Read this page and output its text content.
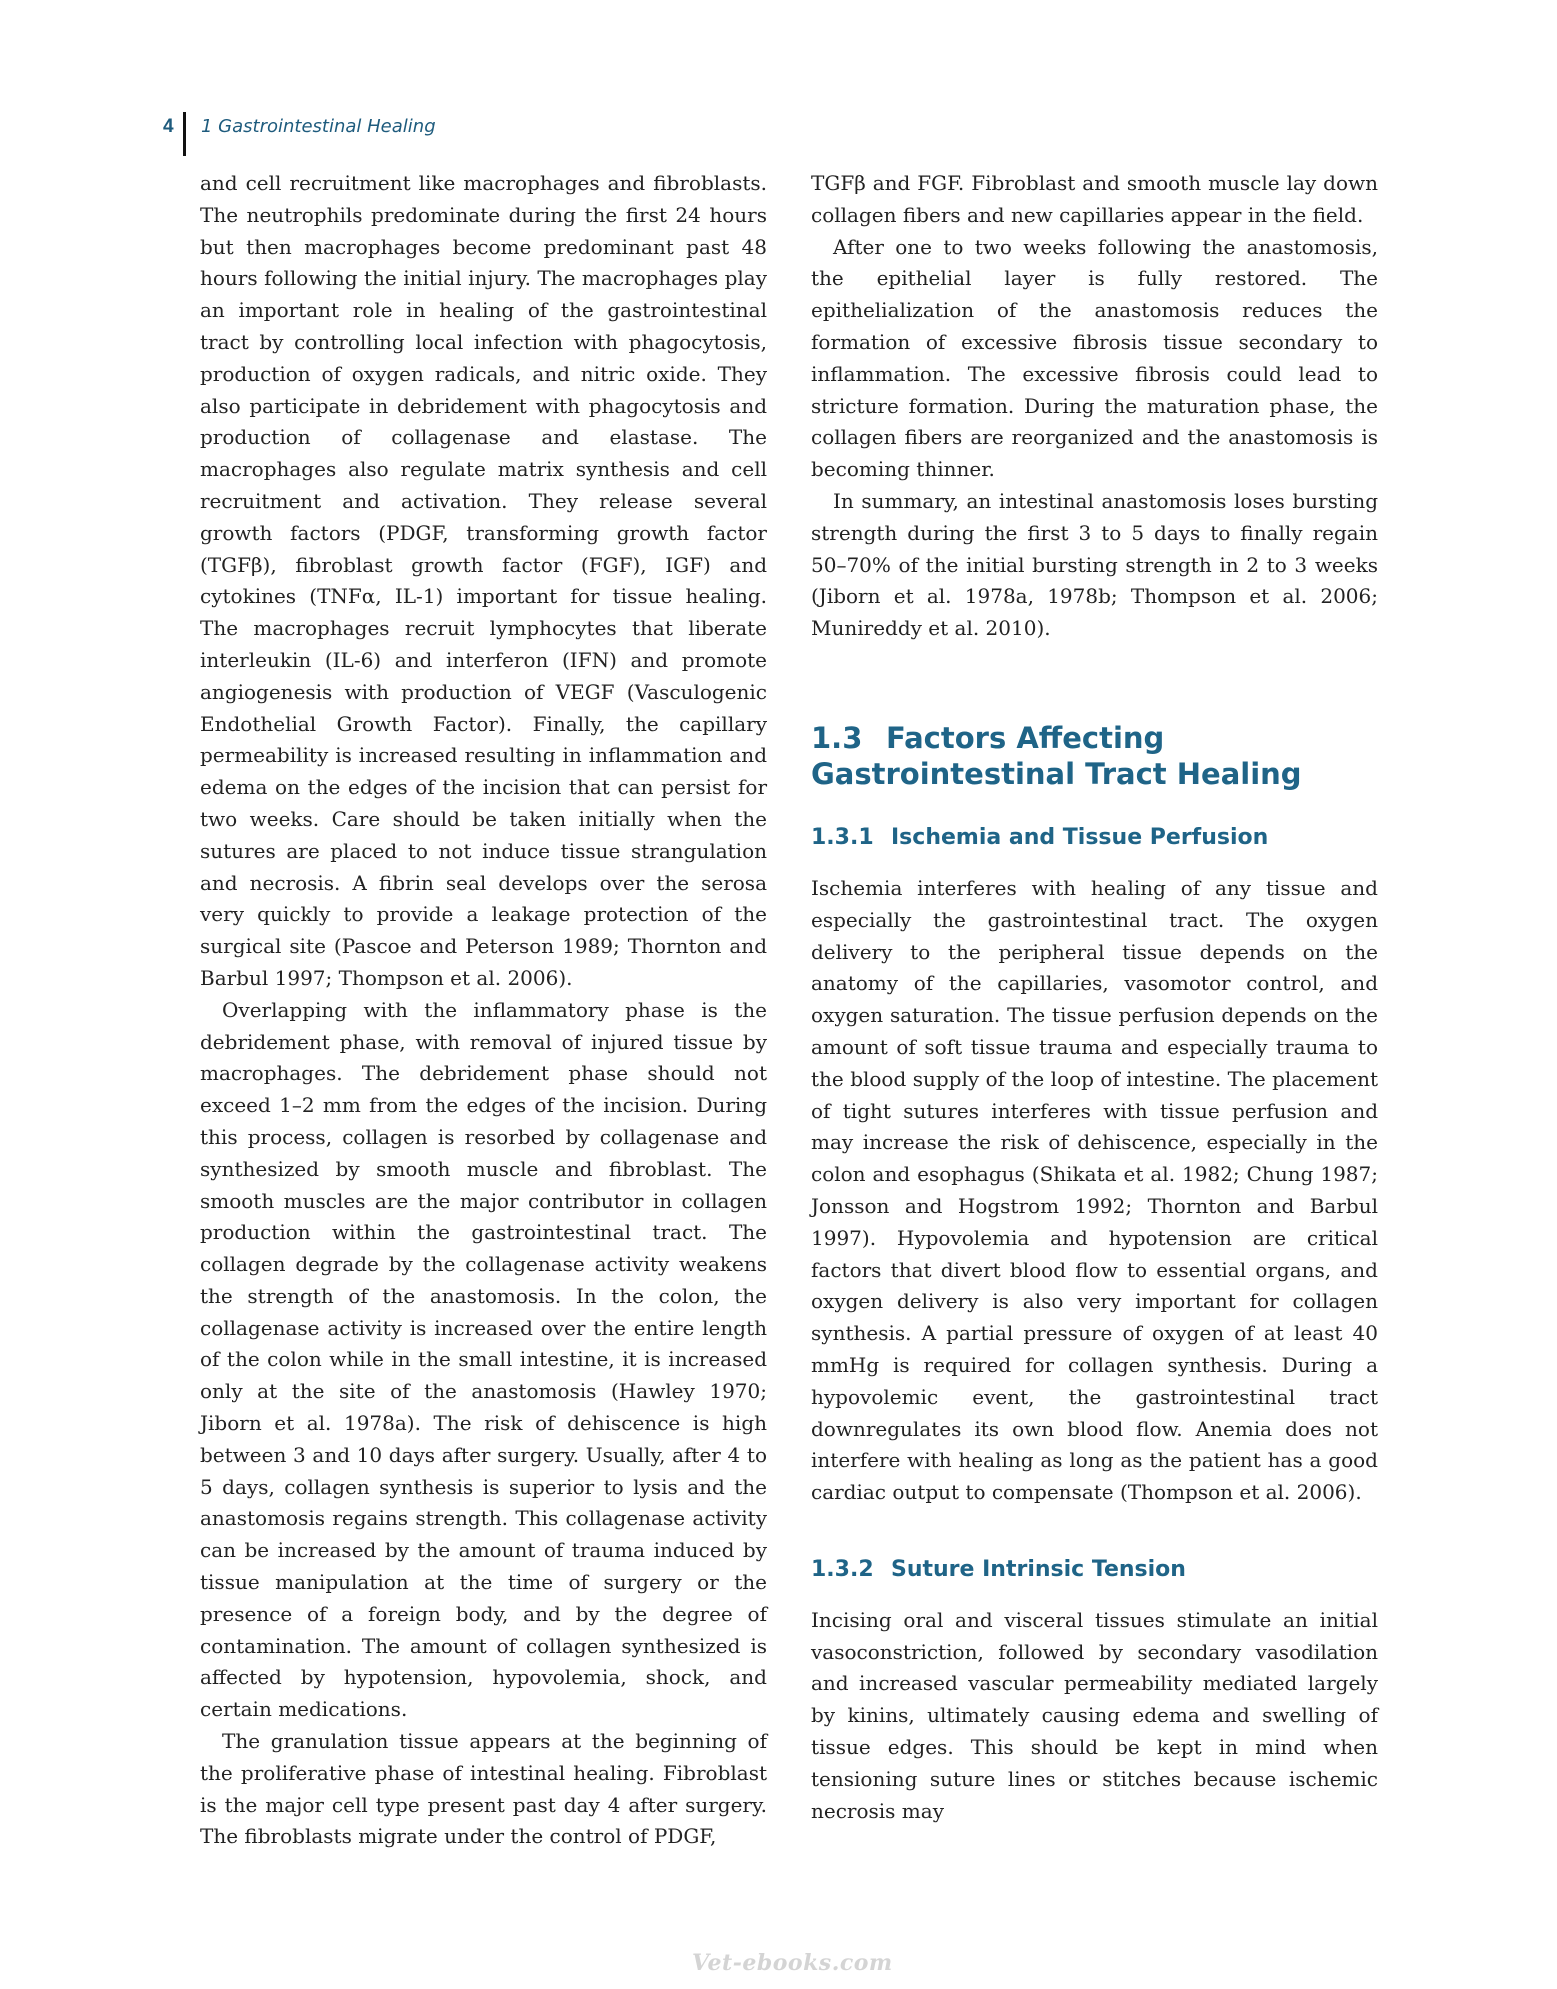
4 1 Gastrointestinal Healing

and cell recruitment like macrophages and fibroblasts. The neutrophils predominate during the first 24 hours but then macrophages become predominant past 48 hours following the initial injury. The macrophages play an important role in healing of the gastrointestinal tract by controlling local infection with phagocytosis, production of oxygen radicals, and nitric oxide. They also participate in debridement with phagocytosis and production of collagenase and elastase. The macrophages also regulate matrix synthesis and cell recruitment and activation. They release several growth factors (PDGF, transforming growth factor (TGFβ), fibroblast growth factor (FGF), IGF) and cytokines (TNFα, IL-1) important for tissue healing. The macrophages recruit lymphocytes that liberate interleukin (IL-6) and interferon (IFN) and promote angiogenesis with production of VEGF (Vasculogenic Endothelial Growth Factor). Finally, the capillary permeability is increased resulting in inflammation and edema on the edges of the incision that can persist for two weeks. Care should be taken initially when the sutures are placed to not induce tissue strangulation and necrosis. A fibrin seal develops over the serosa very quickly to provide a leakage protection of the surgical site (Pascoe and Peterson 1989; Thornton and Barbul 1997; Thompson et al. 2006).

Overlapping with the inflammatory phase is the debridement phase, with removal of injured tissue by macrophages. The debridement phase should not exceed 1–2 mm from the edges of the incision. During this process, collagen is resorbed by collagenase and synthesized by smooth muscle and fibroblast. The smooth muscles are the major contributor in collagen production within the gastrointestinal tract. The collagen degrade by the collagenase activity weakens the strength of the anastomosis. In the colon, the collagenase activity is increased over the entire length of the colon while in the small intestine, it is increased only at the site of the anastomosis (Hawley 1970; Jiborn et al. 1978a). The risk of dehiscence is high between 3 and 10 days after surgery. Usually, after 4 to 5 days, collagen synthesis is superior to lysis and the anastomosis regains strength. This collagenase activity can be increased by the amount of trauma induced by tissue manipulation at the time of surgery or the presence of a foreign body, and by the degree of contamination. The amount of collagen synthesized is affected by hypotension, hypovolemia, shock, and certain medications.

The granulation tissue appears at the beginning of the proliferative phase of intestinal healing. Fibroblast is the major cell type present past day 4 after surgery. The fibroblasts migrate under the control of PDGF,

TGFβ and FGF. Fibroblast and smooth muscle lay down collagen fibers and new capillaries appear in the field.

After one to two weeks following the anastomosis, the epithelial layer is fully restored. The epithelialization of the anastomosis reduces the formation of excessive fibrosis tissue secondary to inflammation. The excessive fibrosis could lead to stricture formation. During the maturation phase, the collagen fibers are reorganized and the anastomosis is becoming thinner.

In summary, an intestinal anastomosis loses bursting strength during the first 3 to 5 days to finally regain 50–70% of the initial bursting strength in 2 to 3 weeks (Jiborn et al. 1978a, 1978b; Thompson et al. 2006; Munireddy et al. 2010).

1.3 Factors Affecting Gastrointestinal Tract Healing
1.3.1 Ischemia and Tissue Perfusion

Ischemia interferes with healing of any tissue and especially the gastrointestinal tract. The oxygen delivery to the peripheral tissue depends on the anatomy of the capillaries, vasomotor control, and oxygen saturation. The tissue perfusion depends on the amount of soft tissue trauma and especially trauma to the blood supply of the loop of intestine. The placement of tight sutures interferes with tissue perfusion and may increase the risk of dehiscence, especially in the colon and esophagus (Shikata et al. 1982; Chung 1987; Jonsson and Hogstrom 1992; Thornton and Barbul 1997). Hypovolemia and hypotension are critical factors that divert blood flow to essential organs, and oxygen delivery is also very important for collagen synthesis. A partial pressure of oxygen of at least 40 mmHg is required for collagen synthesis. During a hypovolemic event, the gastrointestinal tract downregulates its own blood flow. Anemia does not interfere with healing as long as the patient has a good cardiac output to compensate (Thompson et al. 2006).

1.3.2 Suture Intrinsic Tension

Incising oral and visceral tissues stimulate an initial vasoconstriction, followed by secondary vasodilation and increased vascular permeability mediated largely by kinins, ultimately causing edema and swelling of tissue edges. This should be kept in mind when tensioning suture lines or stitches because ischemic necrosis may

Vet-ebooks.com
